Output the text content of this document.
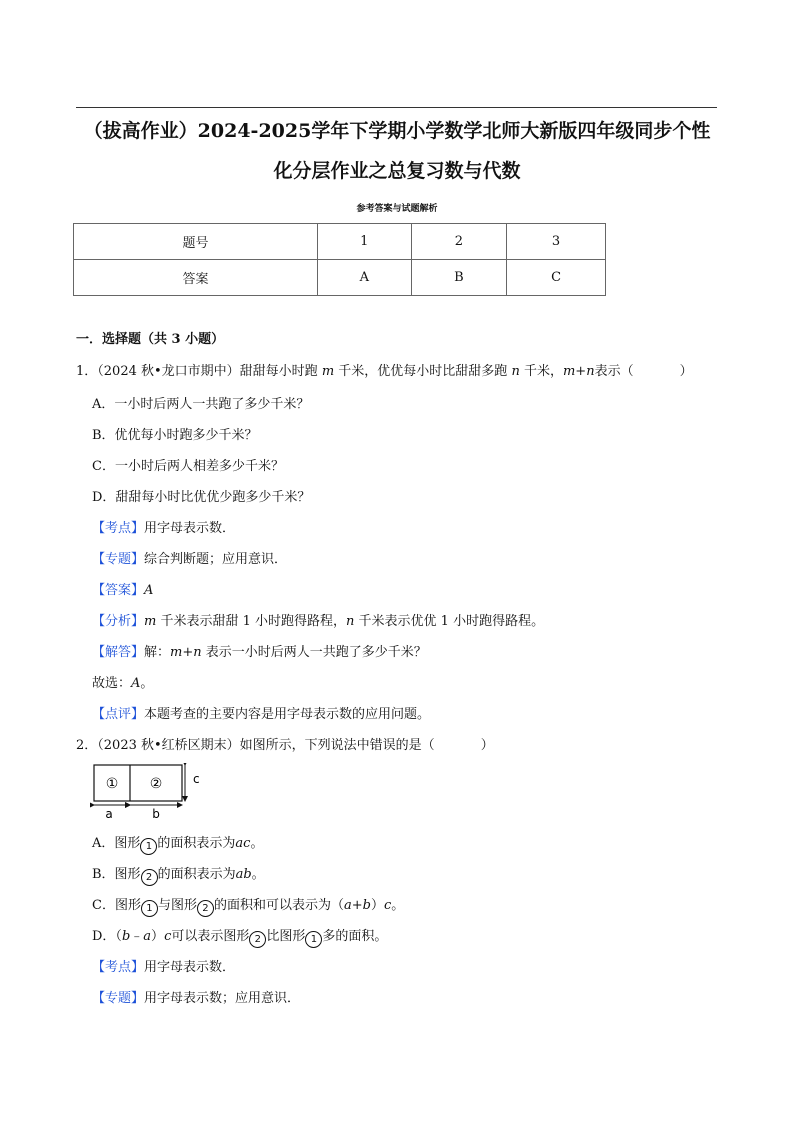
（拔高作业）2024-2025学年下学期小学数学北师大新版四年级同步个性
化分层作业之总复习数与代数
参考答案与试题解析
题号	1	2	3
答案	A	B	C
一．选择题（共 3 小题）
1．（2024 秋•龙口市期中）甜甜每小时跑 m 千米，优优每小时比甜甜多跑 n 千米，m+n表示（	）
A．一小时后两人一共跑了多少千米？
B．优优每小时跑多少千米？
C．一小时后两人相差多少千米？
D．甜甜每小时比优优少跑多少千米？
【考点】用字母表示数．
【专题】综合判断题；应用意识．
【答案】A
【分析】m 千米表示甜甜 1 小时跑得路程，n 千米表示优优 1 小时跑得路程。
【解答】解：m+n 表示一小时后两人一共跑了多少千米？
故选：A。
【点评】本题考查的主要内容是用字母表示数的应用问题。
2．（2023 秋•红桥区期末）如图所示，下列说法中错误的是（	）
① ②	c
a	b
A．图形 1 的面积表示为ac。
B．图形 2 的面积表示为ab。
C．图形 1 与图形 2 的面积和可以表示为（a+b）c。
D．（b﹣a）c可以表示图形 2 比图形 1 多的面积。
【考点】用字母表示数．
【专题】用字母表示数；应用意识．
